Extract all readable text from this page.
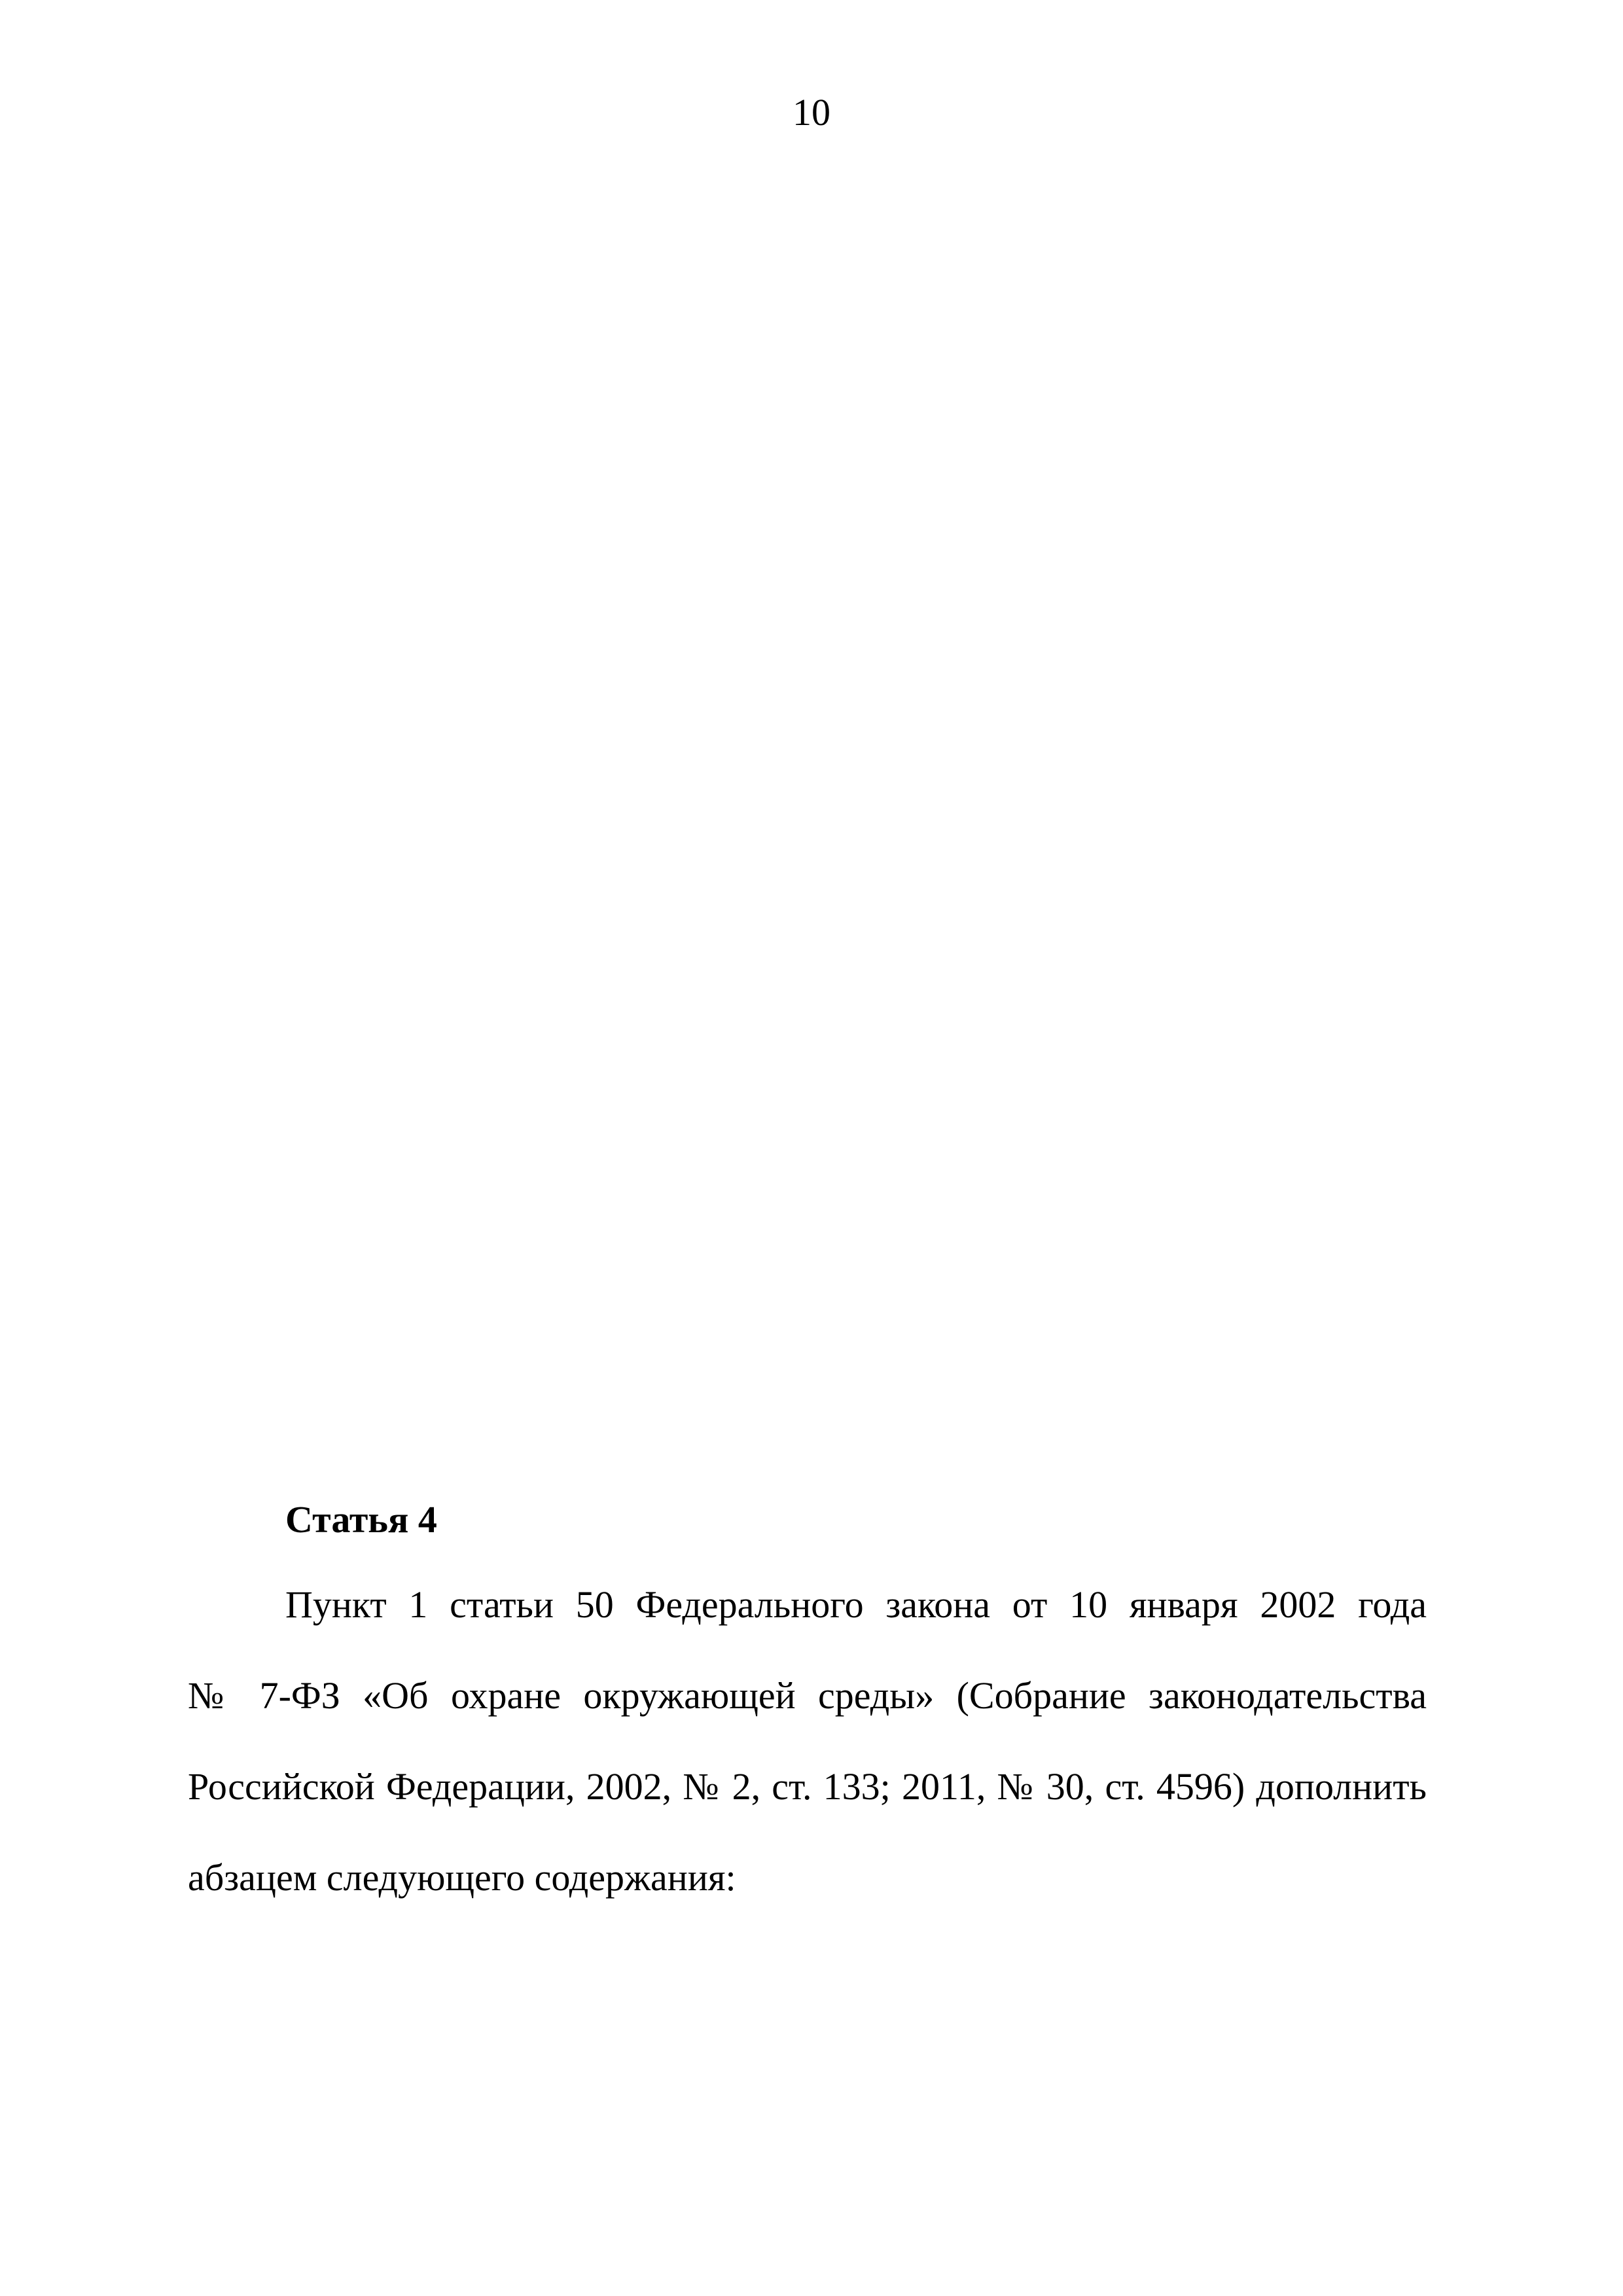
10
Статья 4
Пункт 1 статьи 50 Федерального закона от 10 января 2002 года
№ 7-ФЗ «Об охране окружающей среды» (Собрание законодательства
Российской Федерации, 2002, № 2, ст. 133; 2011, № 30, ст. 4596) дополнить
абзацем следующего содержания:
